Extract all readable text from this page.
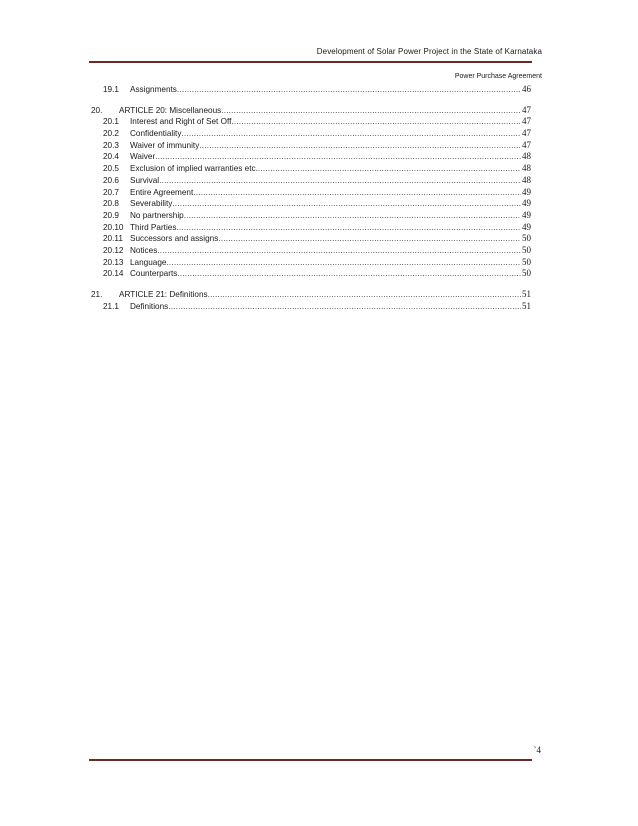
Development of Solar Power Project in the State of Karnataka
Power Purchase Agreement
19.1	Assignments .....	46
20.	ARTICLE 20: Miscellaneous .....	47
20.1	Interest and Right of Set Off .....	47
20.2	Confidentiality .....	47
20.3	Waiver of immunity .....	47
20.4	Waiver .....	48
20.5	Exclusion of implied warranties etc. .....	48
20.6	Survival .....	48
20.7	Entire Agreement .....	49
20.8	Severability .....	49
20.9	No partnership .....	49
20.10 Third Parties .....	49
20.11 Successors and assigns .....	50
20.12 Notices .....	50
20.13 Language .....	50
20.14 Counterparts .....	50
21.	ARTICLE 21: Definitions .....	51
21.1	Definitions .....	51
`4
